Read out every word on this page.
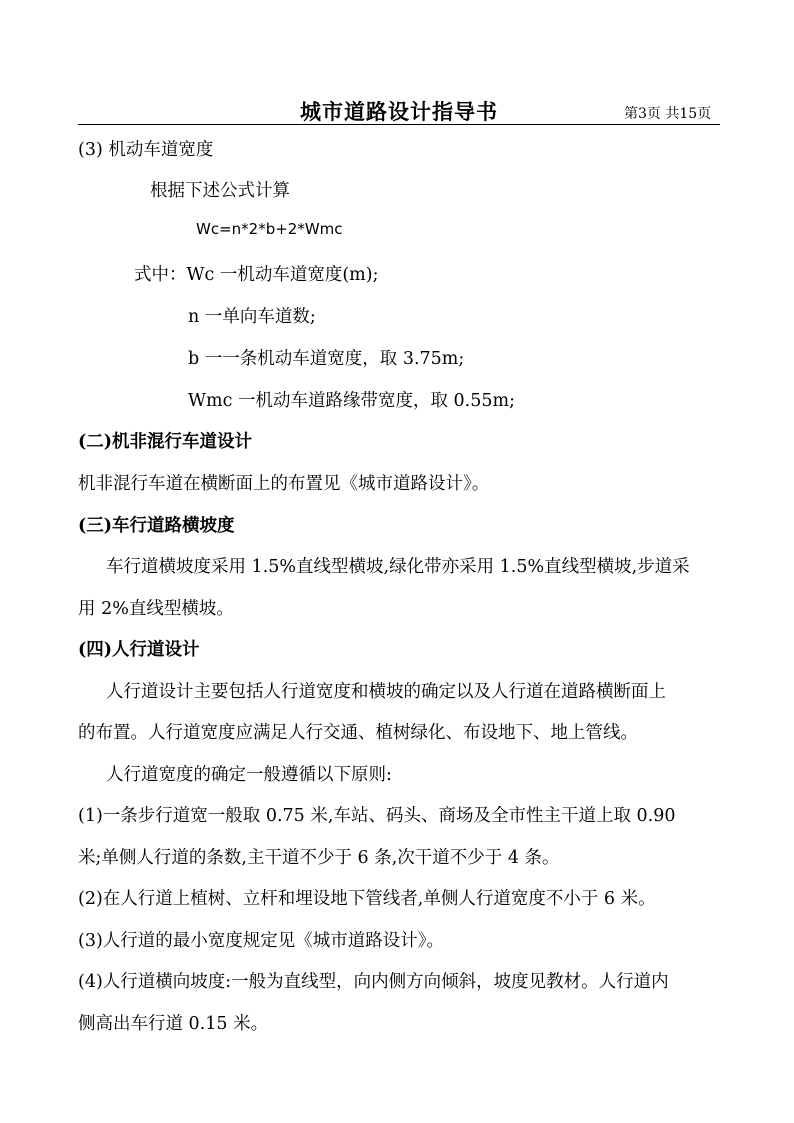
城市道路设计指导书	第3页 共15页
(3) 机动车道宽度
根据下述公式计算
Wc=n*2*b+2*Wmc
式中：Wc 一机动车道宽度(m);
n 一单向车道数;
b 一一条机动车道宽度，取 3.75m;
Wmc 一机动车道路缘带宽度，取 0.55m;
(二)机非混行车道设计
机非混行车道在横断面上的布置见《城市道路设计》。
(三)车行道路横坡度
车行道横坡度采用 1.5%直线型横坡,绿化带亦采用 1.5%直线型横坡,步道采
用 2%直线型横坡。
(四)人行道设计
人行道设计主要包括人行道宽度和横坡的确定以及人行道在道路横断面上
的布置。人行道宽度应满足人行交通、植树绿化、布设地下、地上管线。
人行道宽度的确定一般遵循以下原则:
(1)一条步行道宽一般取 0.75 米,车站、码头、商场及全市性主干道上取 0.90
米;单侧人行道的条数,主干道不少于 6 条,次干道不少于 4 条。
(2)在人行道上植树、立杆和埋设地下管线者,单侧人行道宽度不小于 6 米。
(3)人行道的最小宽度规定见《城市道路设计》。
(4)人行道横向坡度:一般为直线型，向内侧方向倾斜，坡度见教材。人行道内
侧高出车行道 0.15 米。
